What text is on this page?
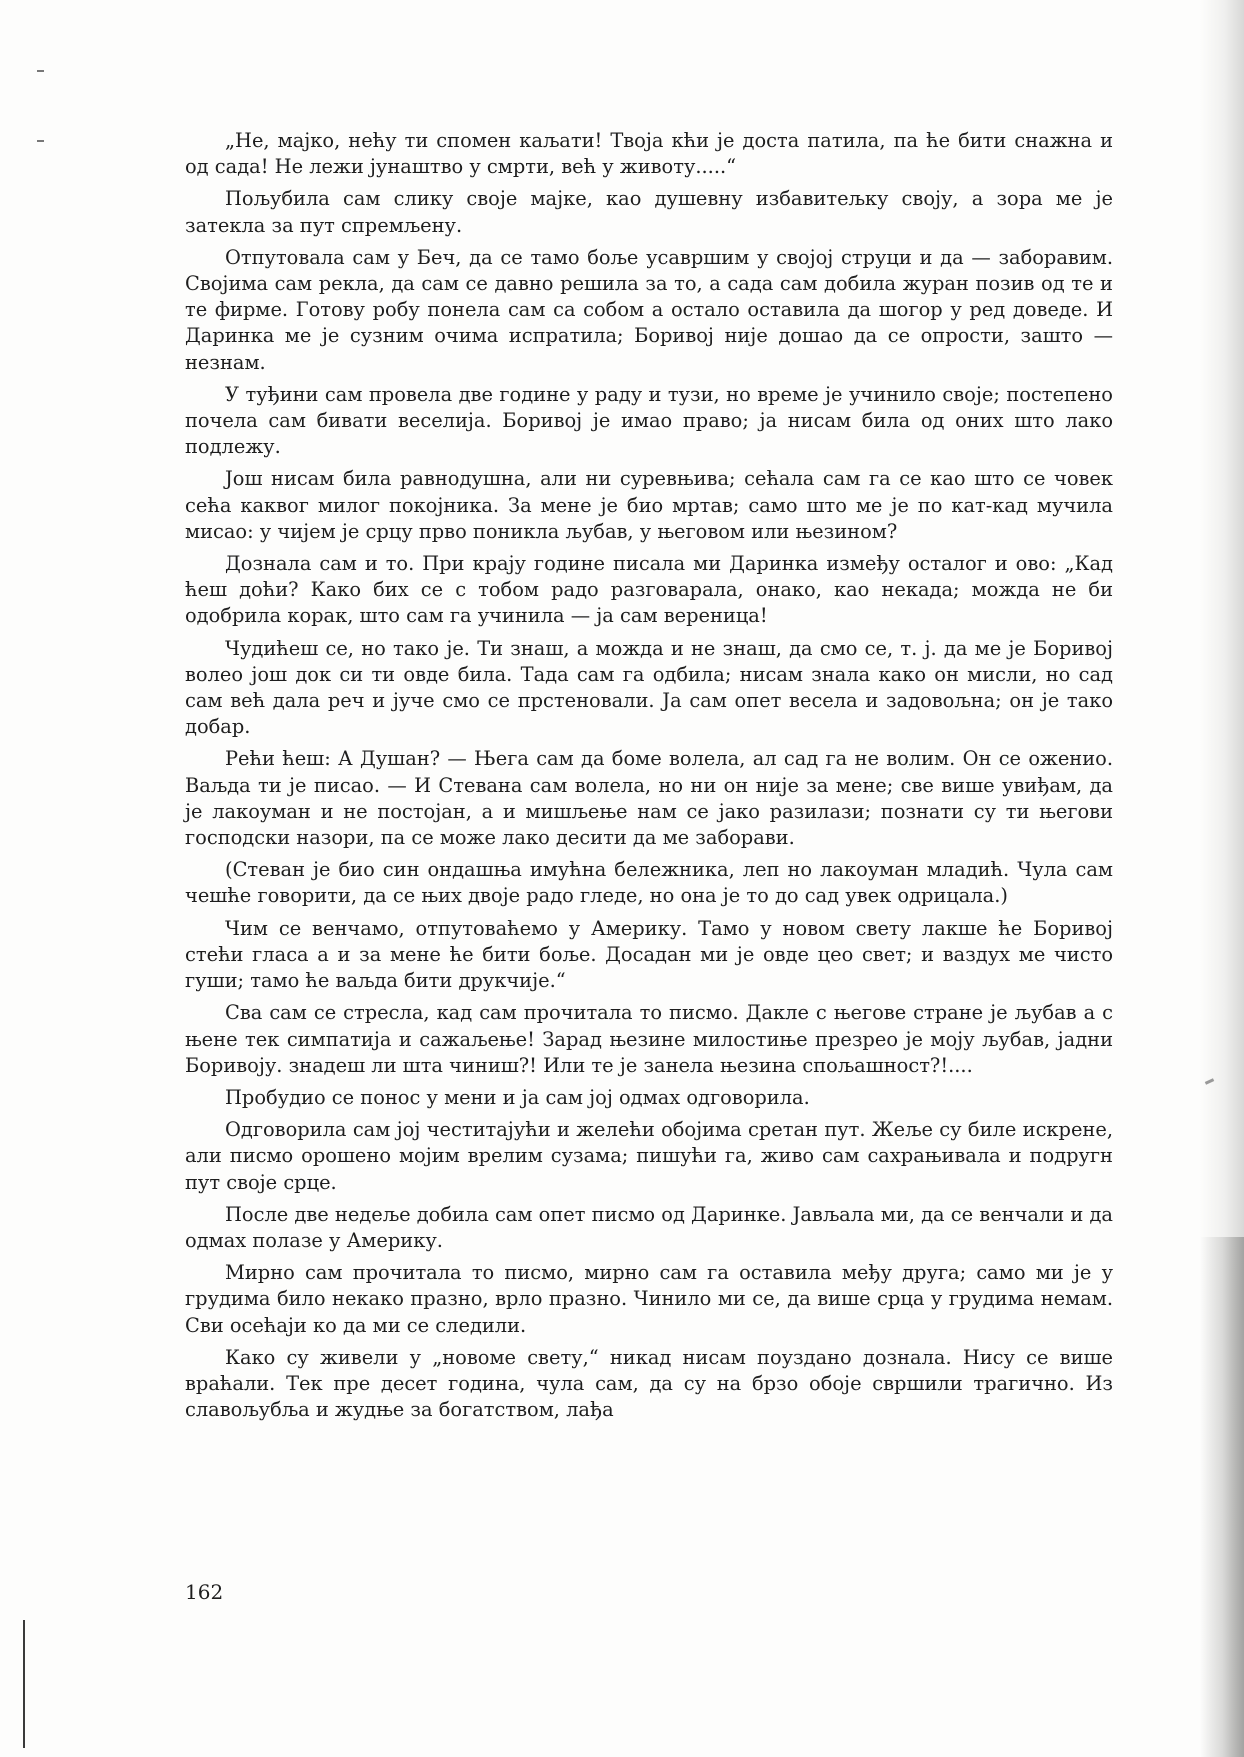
„Не, мајко, нећу ти спомен каљати! Твоја кћи је доста патила, па ће бити снажна и од сада! Не лежи јунаштво у смрти, већ у животу.....“

Пољубила сам слику своје мајке, као душевну избавитељку своју, а зора ме је затекла за пут спремљену.

Отпутовала сам у Беч, да се тамо боље усавршим у својој струци и да — заборавим. Својима сам рекла, да сам се давно решила за то, а сада сам добила журан позив од те и те фирме. Готову робу понела сам са собом а остало оставила да шогор у ред доведе. И Даринка ме је сузним очима испратила; Боривој није дошао да се опрости, зашто — незнам.

У туђини сам провела две године у раду и тузи, но време је учинило своје; постепено почела сам бивати веселија. Боривој је имао право; ја нисам била од оних што лако подлежу.

Још нисам била равнодушна, али ни суревњива; сећала сам га се као што се човек сећа каквог милог покојника. За мене је био мртав; само што ме је по кат-кад мучила мисао: у чијем је срцу прво поникла љубав, у његовом или њезином?

Дознала сам и то. При крају године писала ми Даринка између осталог и ово: „Кад ћеш доћи? Како бих се с тобом радо разговарала, онако, као некада; можда не би одобрила корак, што сам га учинила — ја сам вереница!

Чудићеш се, но тако је. Ти знаш, а можда и не знаш, да смо се, т. ј. да ме је Боривој волео још док си ти овде била. Тада сам га одбила; нисам знала како он мисли, но сад сам већ дала реч и јуче смо се прстеновали. Ја сам опет весела и задовољна; он је тако добар.

Рећи ћеш: А Душан? — Њега сам да боме волела, ал сад га не волим. Он се оженио. Ваљда ти је писао. — И Стевана сам волела, но ни он није за мене; све више увиђам, да је лакоуман и не постојан, а и мишљење нам се јако разилази; познати су ти његови господски назори, па се може лако десити да ме заборави.

(Стеван је био син ондашња имућна бележника, леп но лакоуман младић. Чула сам чешће говорити, да се њих двоје радо гледе, но она је то до сад увек одрицала.)

Чим се венчамо, отпутоваћемо у Америку. Тамо у новом свету лакше ће Боривој стећи гласа а и за мене ће бити боље. Досадан ми је овде цео свет; и ваздух ме чисто гуши; тамо ће ваљда бити друкчије.“

Сва сам се стресла, кад сам прочитала то писмо. Дакле с његове стране је љубав а с њене тек симпатија и сажаљење! Зарад њезине милостиње презрео је моју љубав, јадни Боривоју. знадеш ли шта чиниш?! Или те је занела њезина спољашност?!....

Пробудио се понос у мени и ја сам јој одмах одговорила.

Одговорила сам јој честитајући и желећи обојима сретан пут. Жеље су биле искрене, али писмо орошено мојим врелим сузама; пишући га, живо сам сахрањивала и подругн пут своје срце.

После две недеље добила сам опет писмо од Даринке. Јављала ми, да се венчали и да одмах полазе у Америку.

Мирно сам прочитала то писмо, мирно сам га оставила међу друга; само ми је у грудима било некако празно, врло празно. Чинило ми се, да више срца у грудима немам. Сви осећаји ко да ми се следили.

Како су живели у „новоме свету,“ никад нисам поуздано дознала. Нису се више враћали. Тек пре десет година, чула сам, да су на брзо обоје свршили трагично. Из славољубља и жудње за богатством, лађа

162
